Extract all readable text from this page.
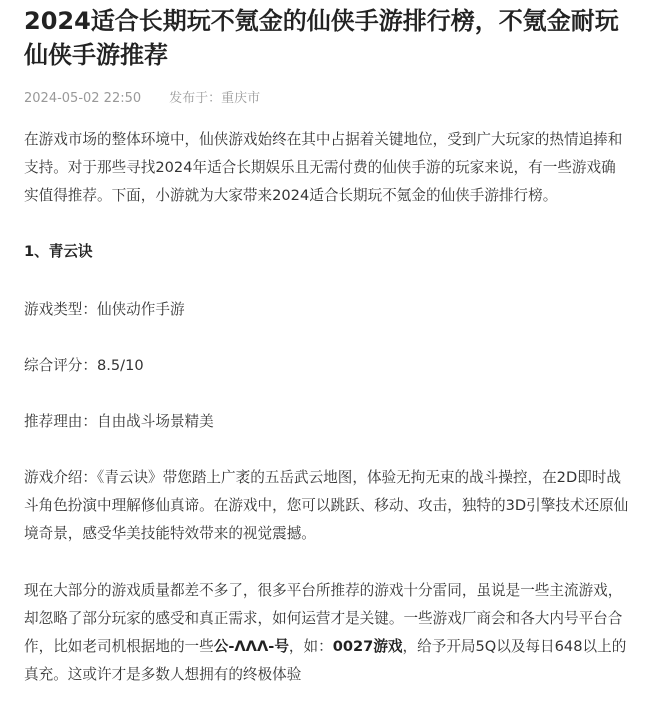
2024适合长期玩不氪金的仙侠手游排行榜，不氪金耐玩仙侠手游推荐
2024-05-02 22:50 发布于：重庆市

在游戏市场的整体环境中，仙侠游戏始终在其中占据着关键地位，受到广大玩家的热情追捧和支持。对于那些寻找2024年适合长期娱乐且无需付费的仙侠手游的玩家来说，有一些游戏确实值得推荐。下面，小游就为大家带来2024适合长期玩不氪金的仙侠手游排行榜。

1、青云诀

游戏类型：仙侠动作手游

综合评分：8.5/10

推荐理由：自由战斗场景精美

游戏介绍：《青云诀》带您踏上广袤的五岳武云地图，体验无拘无束的战斗操控，在2D即时战斗角色扮演中理解修仙真谛。在游戏中，您可以跳跃、移动、攻击，独特的3D引擎技术还原仙境奇景，感受华美技能特效带来的视觉震撼。

现在大部分的游戏质量都差不多了，很多平台所推荐的游戏十分雷同，虽说是一些主流游戏，却忽略了部分玩家的感受和真正需求，如何运营才是关键。一些游戏厂商会和各大内号平台合作，比如老司机根据地的一些公-ΛΛΛ-号，如：0027游戏，给予开局5Q以及每日648以上的真充。这或许才是多数人想拥有的终极体验
